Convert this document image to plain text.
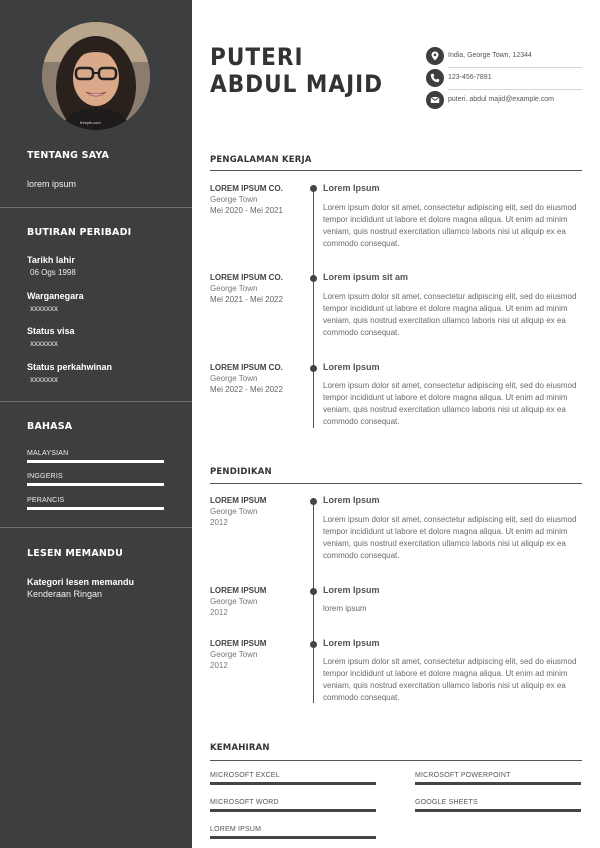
freepik.com
TENTANG SAYA
lorem ipsum
BUTIRAN PERIBADI
Tarikh lahir
06 Ogs 1998
Warganegara
xxxxxxx
Status visa
xxxxxxx
Status perkahwinan
xxxxxxx
BAHASA
MALAYSIAN
INGGERIS
PERANCIS
LESEN MEMANDU
Kategori lesen memandu
Kenderaan Ringan
PUTERI
ABDUL MAJID
India, George Town, 12344
123-456-7891
puteri. abdul majid@example.com
PENGALAMAN KERJA
LOREM IPSUM CO.
George Town
Mei 2020 - Mei 2021
Lorem Ipsum
Lorem ipsum dolor sit amet, consectetur adipiscing elit, sed do eiusmod tempor incididunt ut labore et dolore magna aliqua. Ut enim ad minim veniam, quis nostrud exercitation ullamco laboris nisi ut aliquip ex ea commodo consequat.
LOREM IPSUM CO.
George Town
Mei 2021 - Mei 2022
Lorem ipsum sit am
Lorem ipsum dolor sit amet, consectetur adipiscing elit, sed do eiusmod tempor incididunt ut labore et dolore magna aliqua. Ut enim ad minim veniam, quis nostrud exercitation ullamco laboris nisi ut aliquip ex ea commodo consequat.
LOREM IPSUM CO.
George Town
Mei 2022 - Mei 2022
Lorem Ipsum
Lorem ipsum dolor sit amet, consectetur adipiscing elit, sed do eiusmod tempor incididunt ut labore et dolore magna aliqua. Ut enim ad minim veniam, quis nostrud exercitation ullamco laboris nisi ut aliquip ex ea commodo consequat.
PENDIDIKAN
LOREM IPSUM
George Town
2012
Lorem Ipsum
Lorem ipsum dolor sit amet, consectetur adipiscing elit, sed do eiusmod tempor incididunt ut labore et dolore magna aliqua. Ut enim ad minim veniam, quis nostrud exercitation ullamco laboris nisi ut aliquip ex ea commodo consequat.
LOREM IPSUM
George Town
2012
Lorem Ipsum
lorem ipsum
LOREM IPSUM
George Town
2012
Lorem Ipsum
Lorem ipsum dolor sit amet, consectetur adipiscing elit, sed do eiusmod tempor incididunt ut labore et dolore magna aliqua. Ut enim ad minim veniam, quis nostrud exercitation ullamco laboris nisi ut aliquip ex ea commodo consequat.
KEMAHIRAN
MICROSOFT EXCEL	MICROSOFT POWERPOINT
MICROSOFT WORD	GOOGLE SHEETS
LOREM IPSUM
